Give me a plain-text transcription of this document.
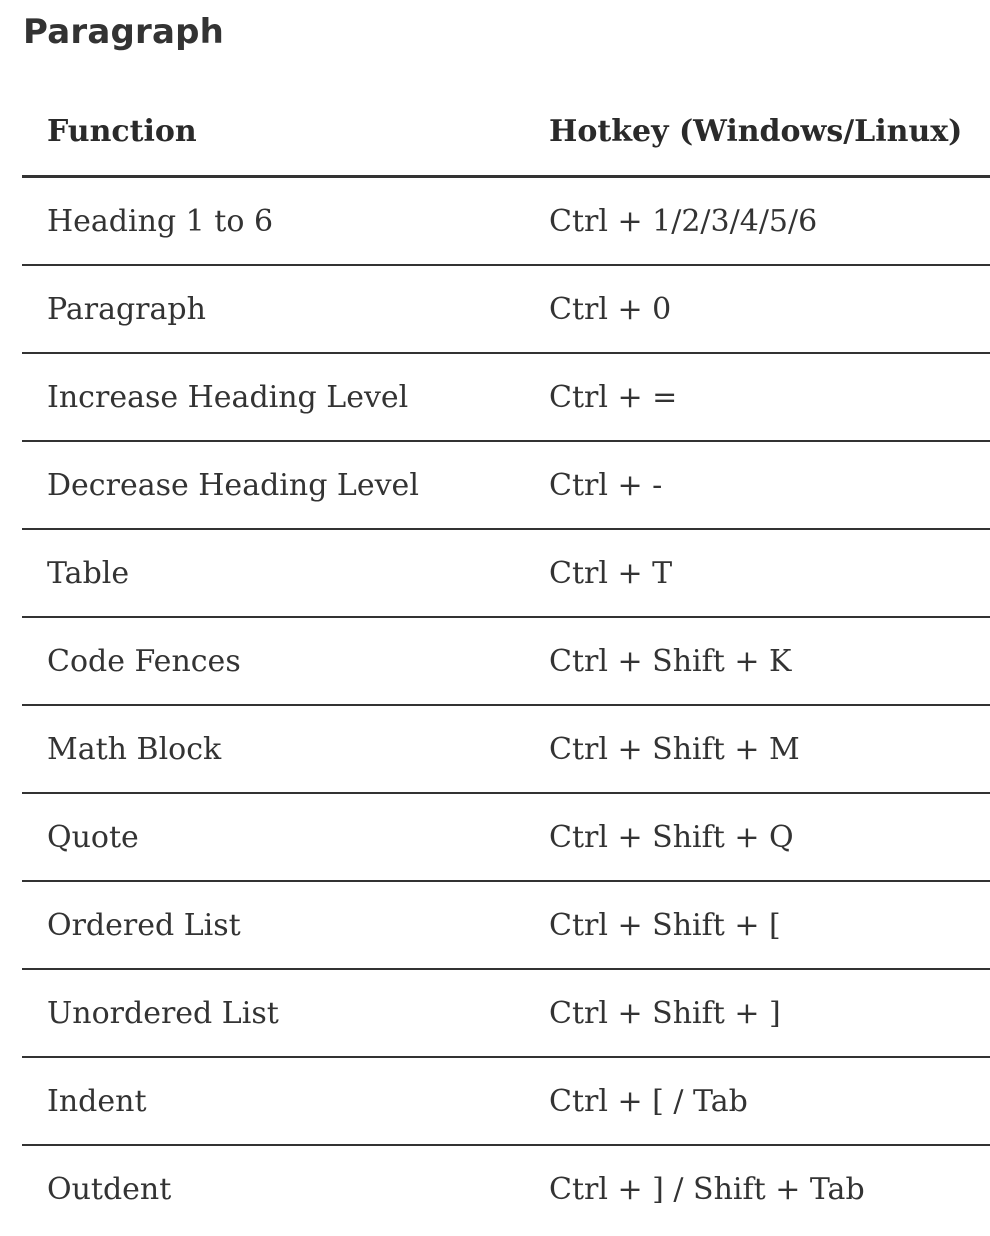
Paragraph
Function	Hotkey (Windows/Linux)
Heading 1 to 6	Ctrl + 1/2/3/4/5/6
Paragraph	Ctrl + 0
Increase Heading Level	Ctrl + =
Decrease Heading Level	Ctrl + -
Table	Ctrl + T
Code Fences	Ctrl + Shift + K
Math Block	Ctrl + Shift + M
Quote	Ctrl + Shift + Q
Ordered List	Ctrl + Shift + [
Unordered List	Ctrl + Shift + ]
Indent	Ctrl + [ / Tab
Outdent	Ctrl + ] / Shift + Tab
